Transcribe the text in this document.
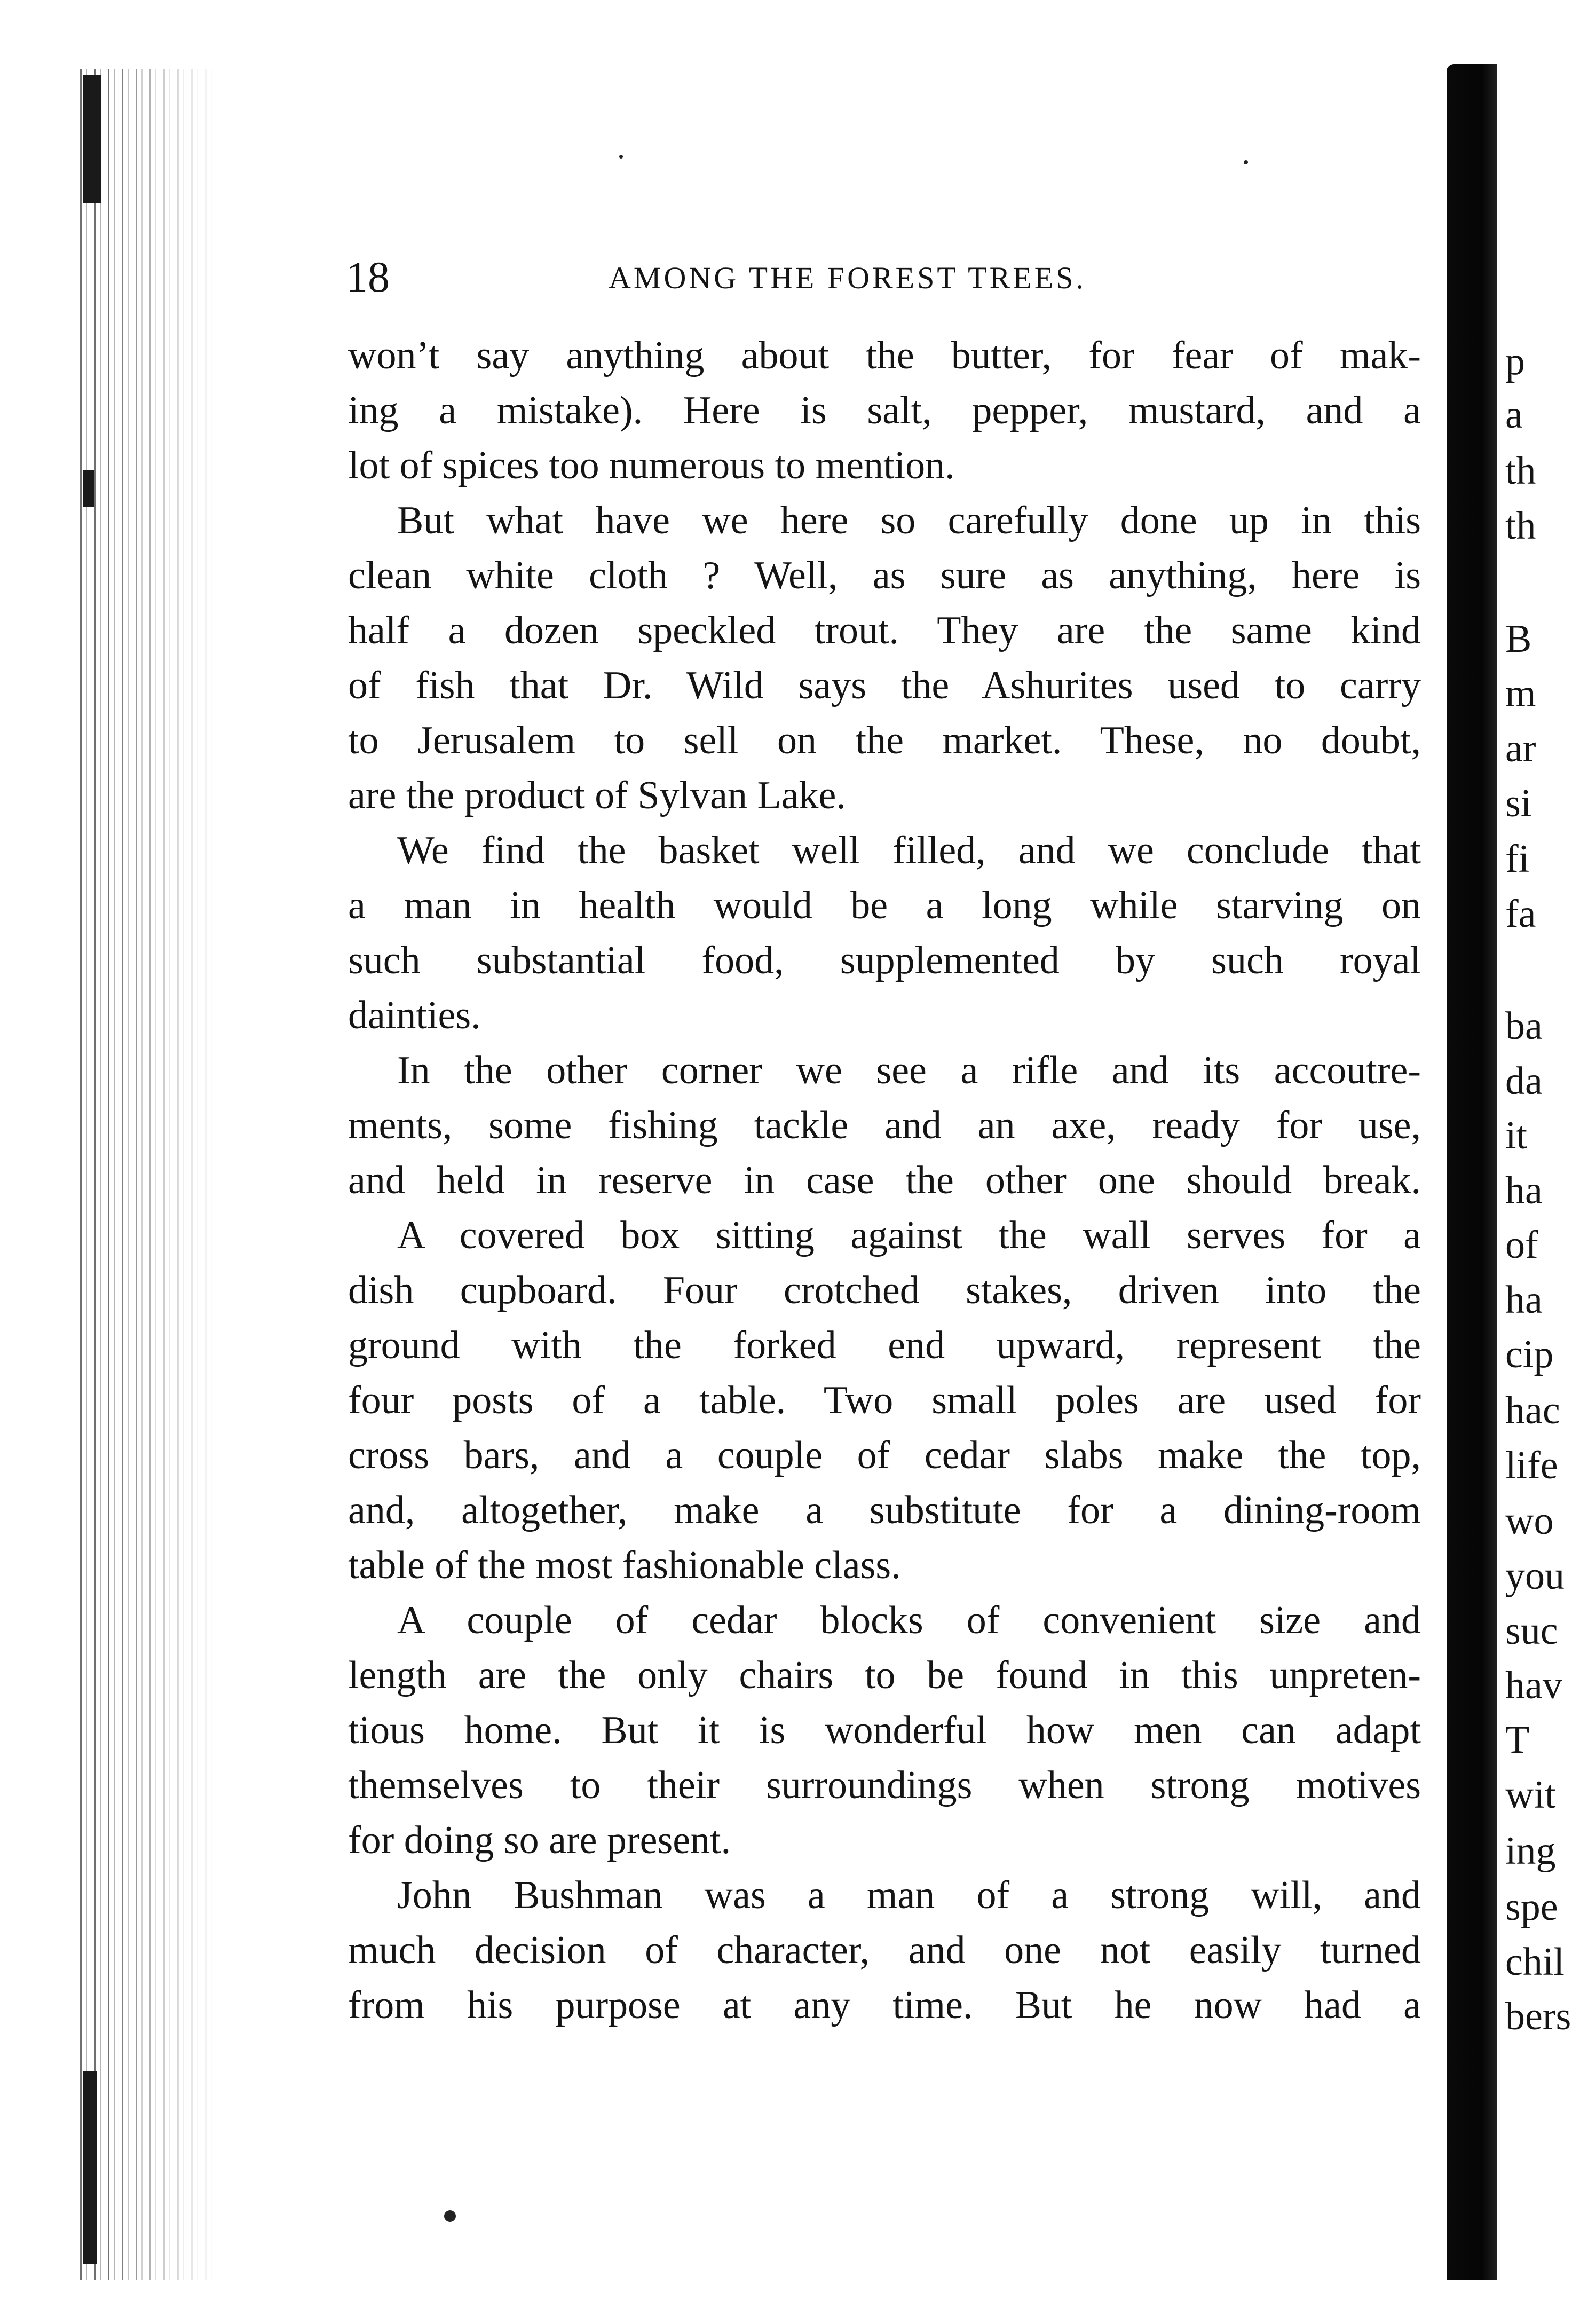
p
a
th
th
B
m
ar
si
fi
fa
ba
da
it
ha
of
ha
cip
hac
life
wo
you
suc
hav
T
wit
ing
spe
chil
bers
18	AMONG THE FOREST TREES.
won’t say anything about the butter, for fear of mak-
ing a mistake). Here is salt, pepper, mustard, and a
lot of spices too numerous to mention.
But what have we here so carefully done up in this
clean white cloth ? Well, as sure as anything, here is
half a dozen speckled trout. They are the same kind
of fish that Dr. Wild says the Ashurites used to carry
to Jerusalem to sell on the market. These, no doubt,
are the product of Sylvan Lake.
We find the basket well filled, and we conclude that
a man in health would be a long while starving on
such substantial food, supplemented by such royal
dainties.
In the other corner we see a rifle and its accoutre-
ments, some fishing tackle and an axe, ready for use,
and held in reserve in case the other one should break.
A covered box sitting against the wall serves for a
dish cupboard. Four crotched stakes, driven into the
ground with the forked end upward, represent the
four posts of a table. Two small poles are used for
cross bars, and a couple of cedar slabs make the top,
and, altogether, make a substitute for a dining-room
table of the most fashionable class.
A couple of cedar blocks of convenient size and
length are the only chairs to be found in this unpreten-
tious home. But it is wonderful how men can adapt
themselves to their surroundings when strong motives
for doing so are present.
John Bushman was a man of a strong will, and
much decision of character, and one not easily turned
from his purpose at any time. But he now had a
